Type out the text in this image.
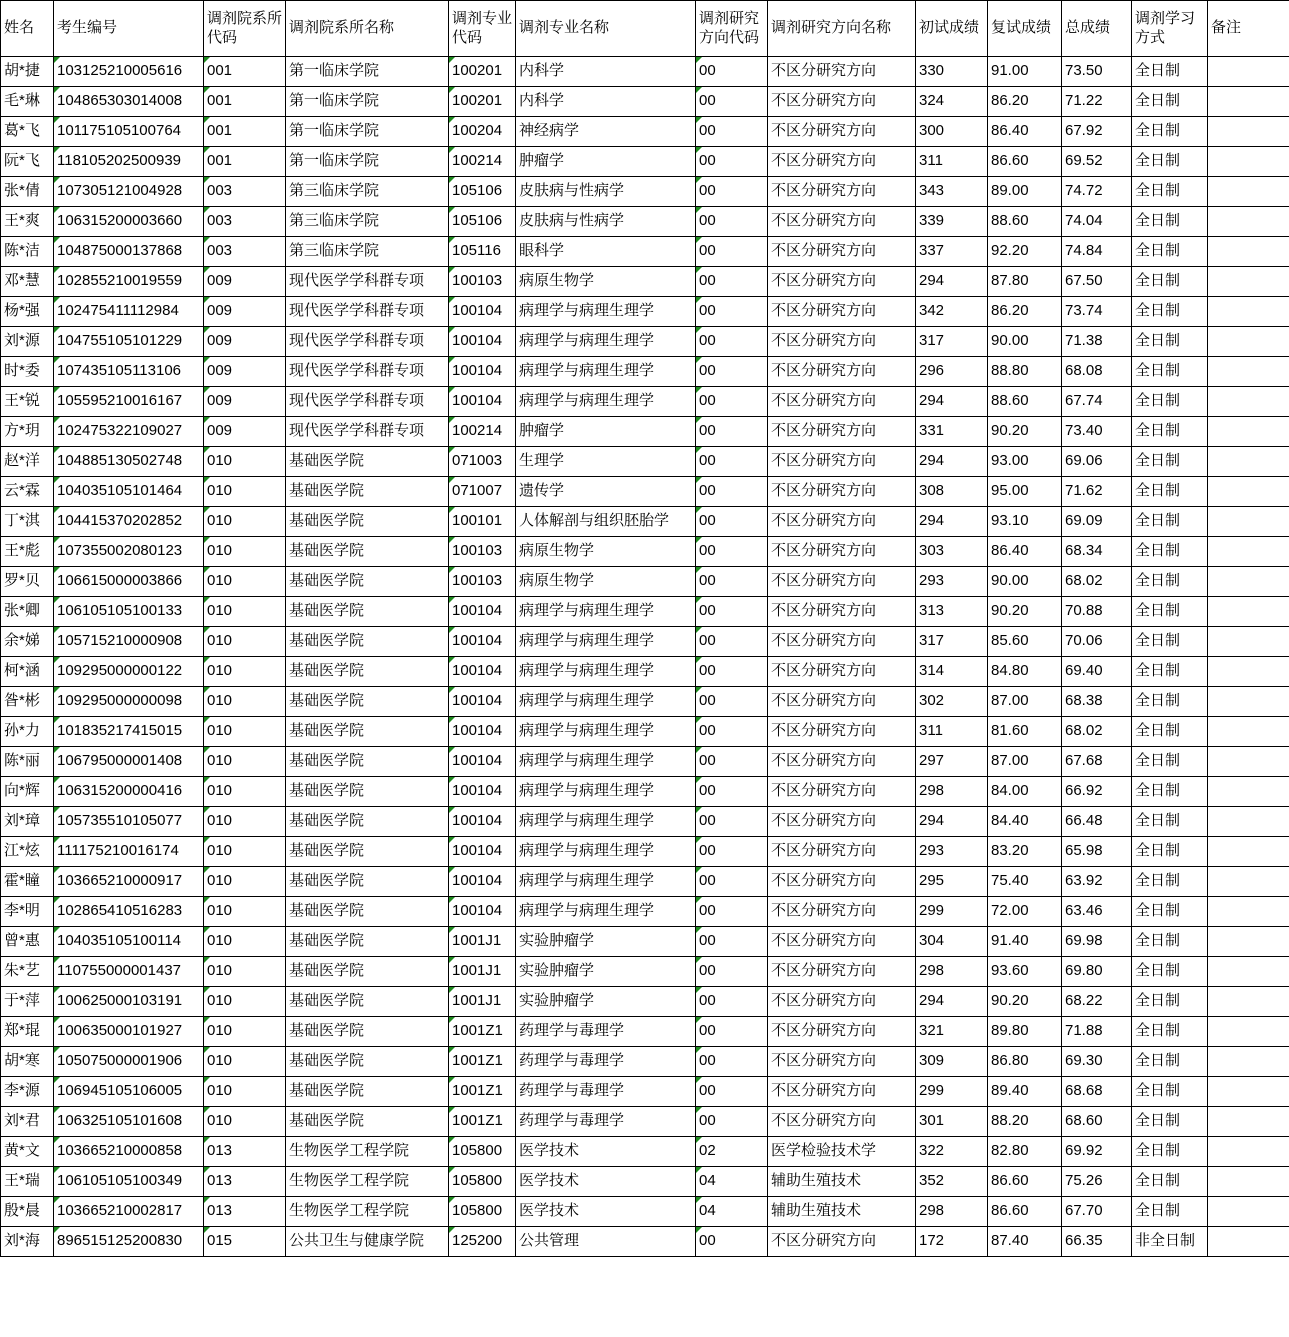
姓名	考生编号	调剂院系所代码	调剂院系所名称	调剂专业代码	调剂专业名称	调剂研究方向代码	调剂研究方向名称	初试成绩	复试成绩	总成绩	调剂学习方式	备注
胡*捷	103125210005616	001	第一临床学院	100201	内科学	00	不区分研究方向	330	91.00	73.50	全日制	
毛*琳	104865303014008	001	第一临床学院	100201	内科学	00	不区分研究方向	324	86.20	71.22	全日制	
葛*飞	101175105100764	001	第一临床学院	100204	神经病学	00	不区分研究方向	300	86.40	67.92	全日制	
阮*飞	118105202500939	001	第一临床学院	100214	肿瘤学	00	不区分研究方向	311	86.60	69.52	全日制	
张*倩	107305121004928	003	第三临床学院	105106	皮肤病与性病学	00	不区分研究方向	343	89.00	74.72	全日制	
王*爽	106315200003660	003	第三临床学院	105106	皮肤病与性病学	00	不区分研究方向	339	88.60	74.04	全日制	
陈*洁	104875000137868	003	第三临床学院	105116	眼科学	00	不区分研究方向	337	92.20	74.84	全日制	
邓*慧	102855210019559	009	现代医学学科群专项	100103	病原生物学	00	不区分研究方向	294	87.80	67.50	全日制	
杨*强	102475411112984	009	现代医学学科群专项	100104	病理学与病理生理学	00	不区分研究方向	342	86.20	73.74	全日制	
刘*源	104755105101229	009	现代医学学科群专项	100104	病理学与病理生理学	00	不区分研究方向	317	90.00	71.38	全日制	
时*委	107435105113106	009	现代医学学科群专项	100104	病理学与病理生理学	00	不区分研究方向	296	88.80	68.08	全日制	
王*锐	105595210016167	009	现代医学学科群专项	100104	病理学与病理生理学	00	不区分研究方向	294	88.60	67.74	全日制	
方*玥	102475322109027	009	现代医学学科群专项	100214	肿瘤学	00	不区分研究方向	331	90.20	73.40	全日制	
赵*洋	104885130502748	010	基础医学院	071003	生理学	00	不区分研究方向	294	93.00	69.06	全日制	
云*霖	104035105101464	010	基础医学院	071007	遗传学	00	不区分研究方向	308	95.00	71.62	全日制	
丁*淇	104415370202852	010	基础医学院	100101	人体解剖与组织胚胎学	00	不区分研究方向	294	93.10	69.09	全日制	
王*彪	107355002080123	010	基础医学院	100103	病原生物学	00	不区分研究方向	303	86.40	68.34	全日制	
罗*贝	106615000003866	010	基础医学院	100103	病原生物学	00	不区分研究方向	293	90.00	68.02	全日制	
张*卿	106105105100133	010	基础医学院	100104	病理学与病理生理学	00	不区分研究方向	313	90.20	70.88	全日制	
余*娣	105715210000908	010	基础医学院	100104	病理学与病理生理学	00	不区分研究方向	317	85.60	70.06	全日制	
柯*涵	109295000000122	010	基础医学院	100104	病理学与病理生理学	00	不区分研究方向	314	84.80	69.40	全日制	
昝*彬	109295000000098	010	基础医学院	100104	病理学与病理生理学	00	不区分研究方向	302	87.00	68.38	全日制	
孙*力	101835217415015	010	基础医学院	100104	病理学与病理生理学	00	不区分研究方向	311	81.60	68.02	全日制	
陈*丽	106795000001408	010	基础医学院	100104	病理学与病理生理学	00	不区分研究方向	297	87.00	67.68	全日制	
向*辉	106315200000416	010	基础医学院	100104	病理学与病理生理学	00	不区分研究方向	298	84.00	66.92	全日制	
刘*璋	105735510105077	010	基础医学院	100104	病理学与病理生理学	00	不区分研究方向	294	84.40	66.48	全日制	
江*炫	111175210016174	010	基础医学院	100104	病理学与病理生理学	00	不区分研究方向	293	83.20	65.98	全日制	
霍*瞳	103665210000917	010	基础医学院	100104	病理学与病理生理学	00	不区分研究方向	295	75.40	63.92	全日制	
李*明	102865410516283	010	基础医学院	100104	病理学与病理生理学	00	不区分研究方向	299	72.00	63.46	全日制	
曾*惠	104035105100114	010	基础医学院	1001J1	实验肿瘤学	00	不区分研究方向	304	91.40	69.98	全日制	
朱*艺	110755000001437	010	基础医学院	1001J1	实验肿瘤学	00	不区分研究方向	298	93.60	69.80	全日制	
于*萍	100625000103191	010	基础医学院	1001J1	实验肿瘤学	00	不区分研究方向	294	90.20	68.22	全日制	
郑*琨	100635000101927	010	基础医学院	1001Z1	药理学与毒理学	00	不区分研究方向	321	89.80	71.88	全日制	
胡*寒	105075000001906	010	基础医学院	1001Z1	药理学与毒理学	00	不区分研究方向	309	86.80	69.30	全日制	
李*源	106945105106005	010	基础医学院	1001Z1	药理学与毒理学	00	不区分研究方向	299	89.40	68.68	全日制	
刘*君	106325105101608	010	基础医学院	1001Z1	药理学与毒理学	00	不区分研究方向	301	88.20	68.60	全日制	
黄*文	103665210000858	013	生物医学工程学院	105800	医学技术	02	医学检验技术学	322	82.80	69.92	全日制	
王*瑞	106105105100349	013	生物医学工程学院	105800	医学技术	04	辅助生殖技术	352	86.60	75.26	全日制	
殷*晨	103665210002817	013	生物医学工程学院	105800	医学技术	04	辅助生殖技术	298	86.60	67.70	全日制	
刘*海	896515125200830	015	公共卫生与健康学院	125200	公共管理	00	不区分研究方向	172	87.40	66.35	非全日制	
